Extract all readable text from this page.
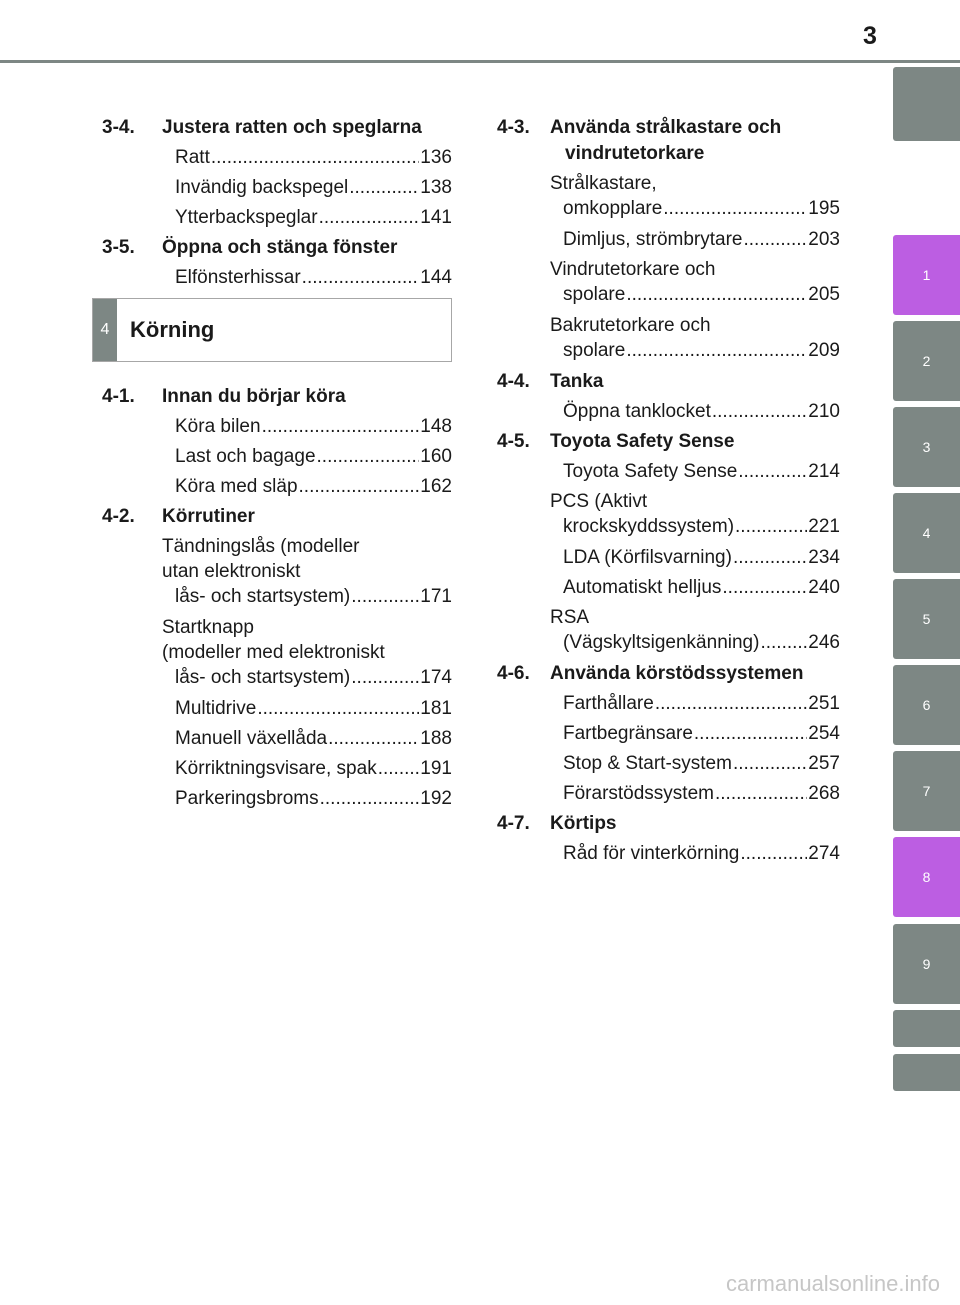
3
1
2
3
4
5
6
7
8
9
3-4.	Justera ratten och speglarna
Ratt .....	136
Invändig backspegel .....	138
Ytterbackspeglar .....	141
3-5.	Öppna och stänga fönster
Elfönsterhissar .....	144
4 Körning
4-1.	Innan du börjar köra
Köra bilen .....	148
Last och bagage .....	160
Köra med släp .....	162
4-2.	Körrutiner
Tändningslås (modeller
utan elektroniskt
lås- och startsystem) .....	171
Startknapp
(modeller med elektroniskt
lås- och startsystem) .....	174
Multidrive .....	181
Manuell växellåda .....	188
Körriktningsvisare, spak ..... 191
Parkeringsbroms .....	192
4-3.	Använda strålkastare och vindrutetorkare
Strålkastare,
omkopplare .....	195
Dimljus, strömbrytare .....	203
Vindrutetorkare och
spolare .....	205
Bakrutetorkare och
spolare .....	209
4-4.	Tanka
Öppna tanklocket .....	210
4-5.	Toyota Safety Sense
Toyota Safety Sense .....	214
PCS (Aktivt
krockskyddssystem) .....	221
LDA (Körfilsvarning) .....	234
Automatiskt helljus .....	240
RSA
(Vägskyltsigenkänning) .....	246
4-6.	Använda körstödssystemen
Farthållare .....	251
Fartbegränsare .....	254
Stop & Start-system .....	257
Förarstödssystem .....	268
4-7.	Körtips
Råd för vinterkörning .....	274
carmanualsonline.info
